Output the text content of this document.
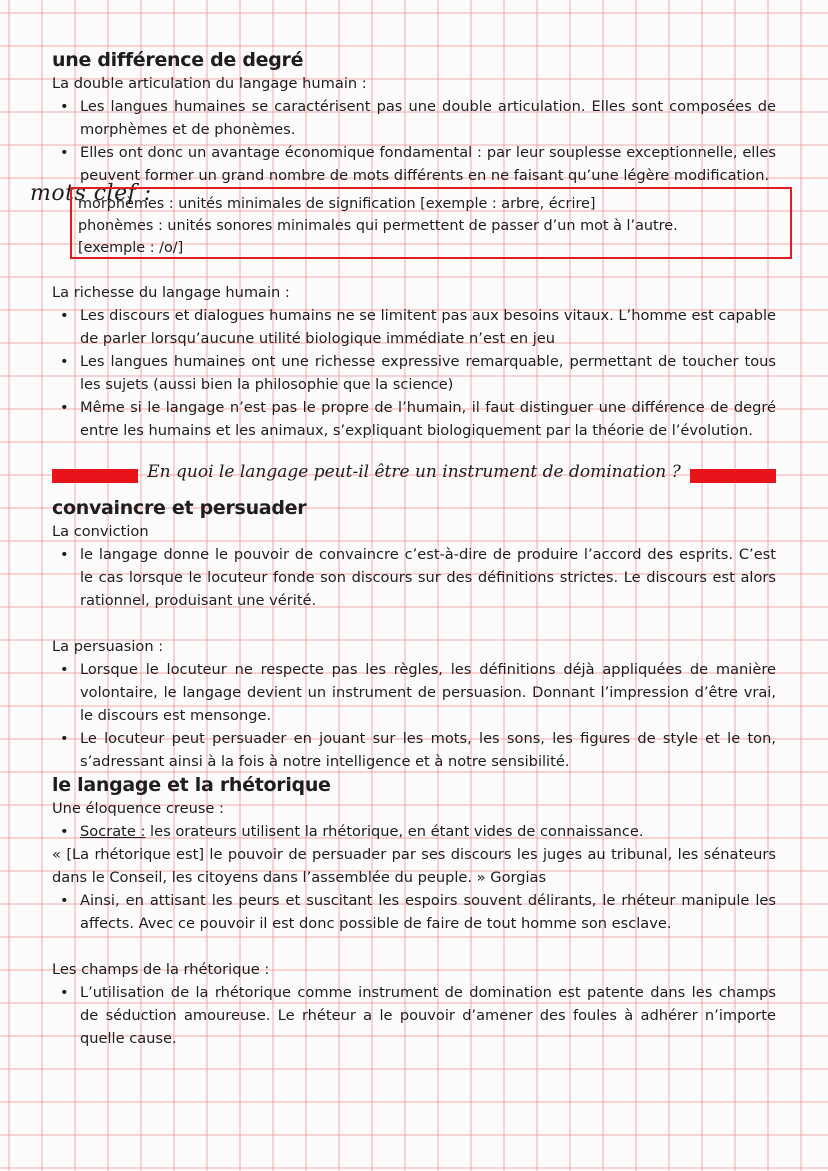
une différence de degré

La double articulation du langage humain :

• Les langues humaines se caractérisent pas une double articulation. Elles sont composées de morphèmes et de phonèmes.
• Elles ont donc un avantage économique fondamental : par leur souplesse exceptionnelle, elles peuvent former un grand nombre de mots différents en ne faisant qu’une légère modification.
mots clef :
morphèmes : unités minimales de signification [exemple : arbre, écrire]
phonèmes : unités sonores minimales qui permettent de passer d’un mot à l’autre.
[exemple : /o/]

La richesse du langage humain :

• Les discours et dialogues humains ne se limitent pas aux besoins vitaux. L’homme est capable de parler lorsqu’aucune utilité biologique immédiate n’est en jeu
• Les langues humaines ont une richesse expressive remarquable, permettant de toucher tous les sujets (aussi bien la philosophie que la science)
• Même si le langage n’est pas le propre de l’humain, il faut distinguer une différence de degré entre les humains et les animaux, s’expliquant biologiquement par la théorie de l’évolution.
En quoi le langage peut-il être un instrument de domination ?
convaincre et persuader

La conviction

• le langage donne le pouvoir de convaincre c’est-à-dire de produire l’accord des esprits. C’est le cas lorsque le locuteur fonde son discours sur des définitions strictes. Le discours est alors rationnel, produisant une vérité.

La persuasion :

• Lorsque le locuteur ne respecte pas les règles, les définitions déjà appliquées de manière volontaire, le langage devient un instrument de persuasion. Donnant l’impression d’être vrai, le discours est mensonge.
• Le locuteur peut persuader en jouant sur les mots, les sons, les figures de style et le ton, s’adressant ainsi à la fois à notre intelligence et à notre sensibilité.
le langage et la rhétorique

Une éloquence creuse :

• Socrate : les orateurs utilisent la rhétorique, en étant vides de connaissance.

« [La rhétorique est] le pouvoir de persuader par ses discours les juges au tribunal, les sénateurs dans le Conseil, les citoyens dans l’assemblée du peuple. » Gorgias

• Ainsi, en attisant les peurs et suscitant les espoirs souvent délirants, le rhéteur manipule les affects. Avec ce pouvoir il est donc possible de faire de tout homme son esclave.

Les champs de la rhétorique :

• L’utilisation de la rhétorique comme instrument de domination est patente dans les champs de séduction amoureuse. Le rhéteur a le pouvoir d’amener des foules à adhérer n’importe quelle cause.
